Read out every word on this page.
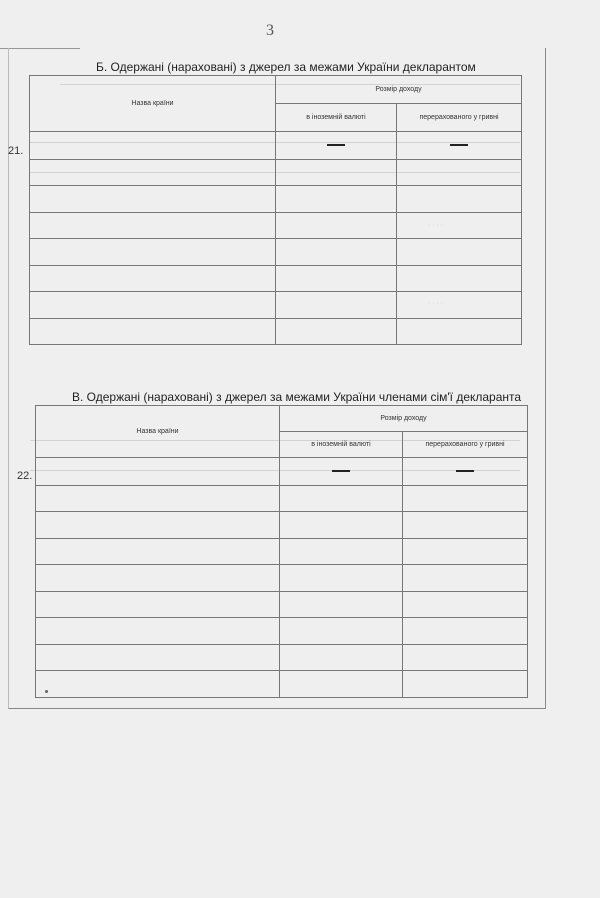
3
· · · ·
· · · ·
Б. Одержані (нараховані) з джерел за межами України декларантом
21.
Назва країни	Розмір доходу	
	в іноземній валюті	перерахованого у гривні

В. Одержані (нараховані) з джерел за межами України членами сім'ї декларанта
22.
Назва країни	Розмір доходу	
	в іноземній валюті	перерахованого у гривні
